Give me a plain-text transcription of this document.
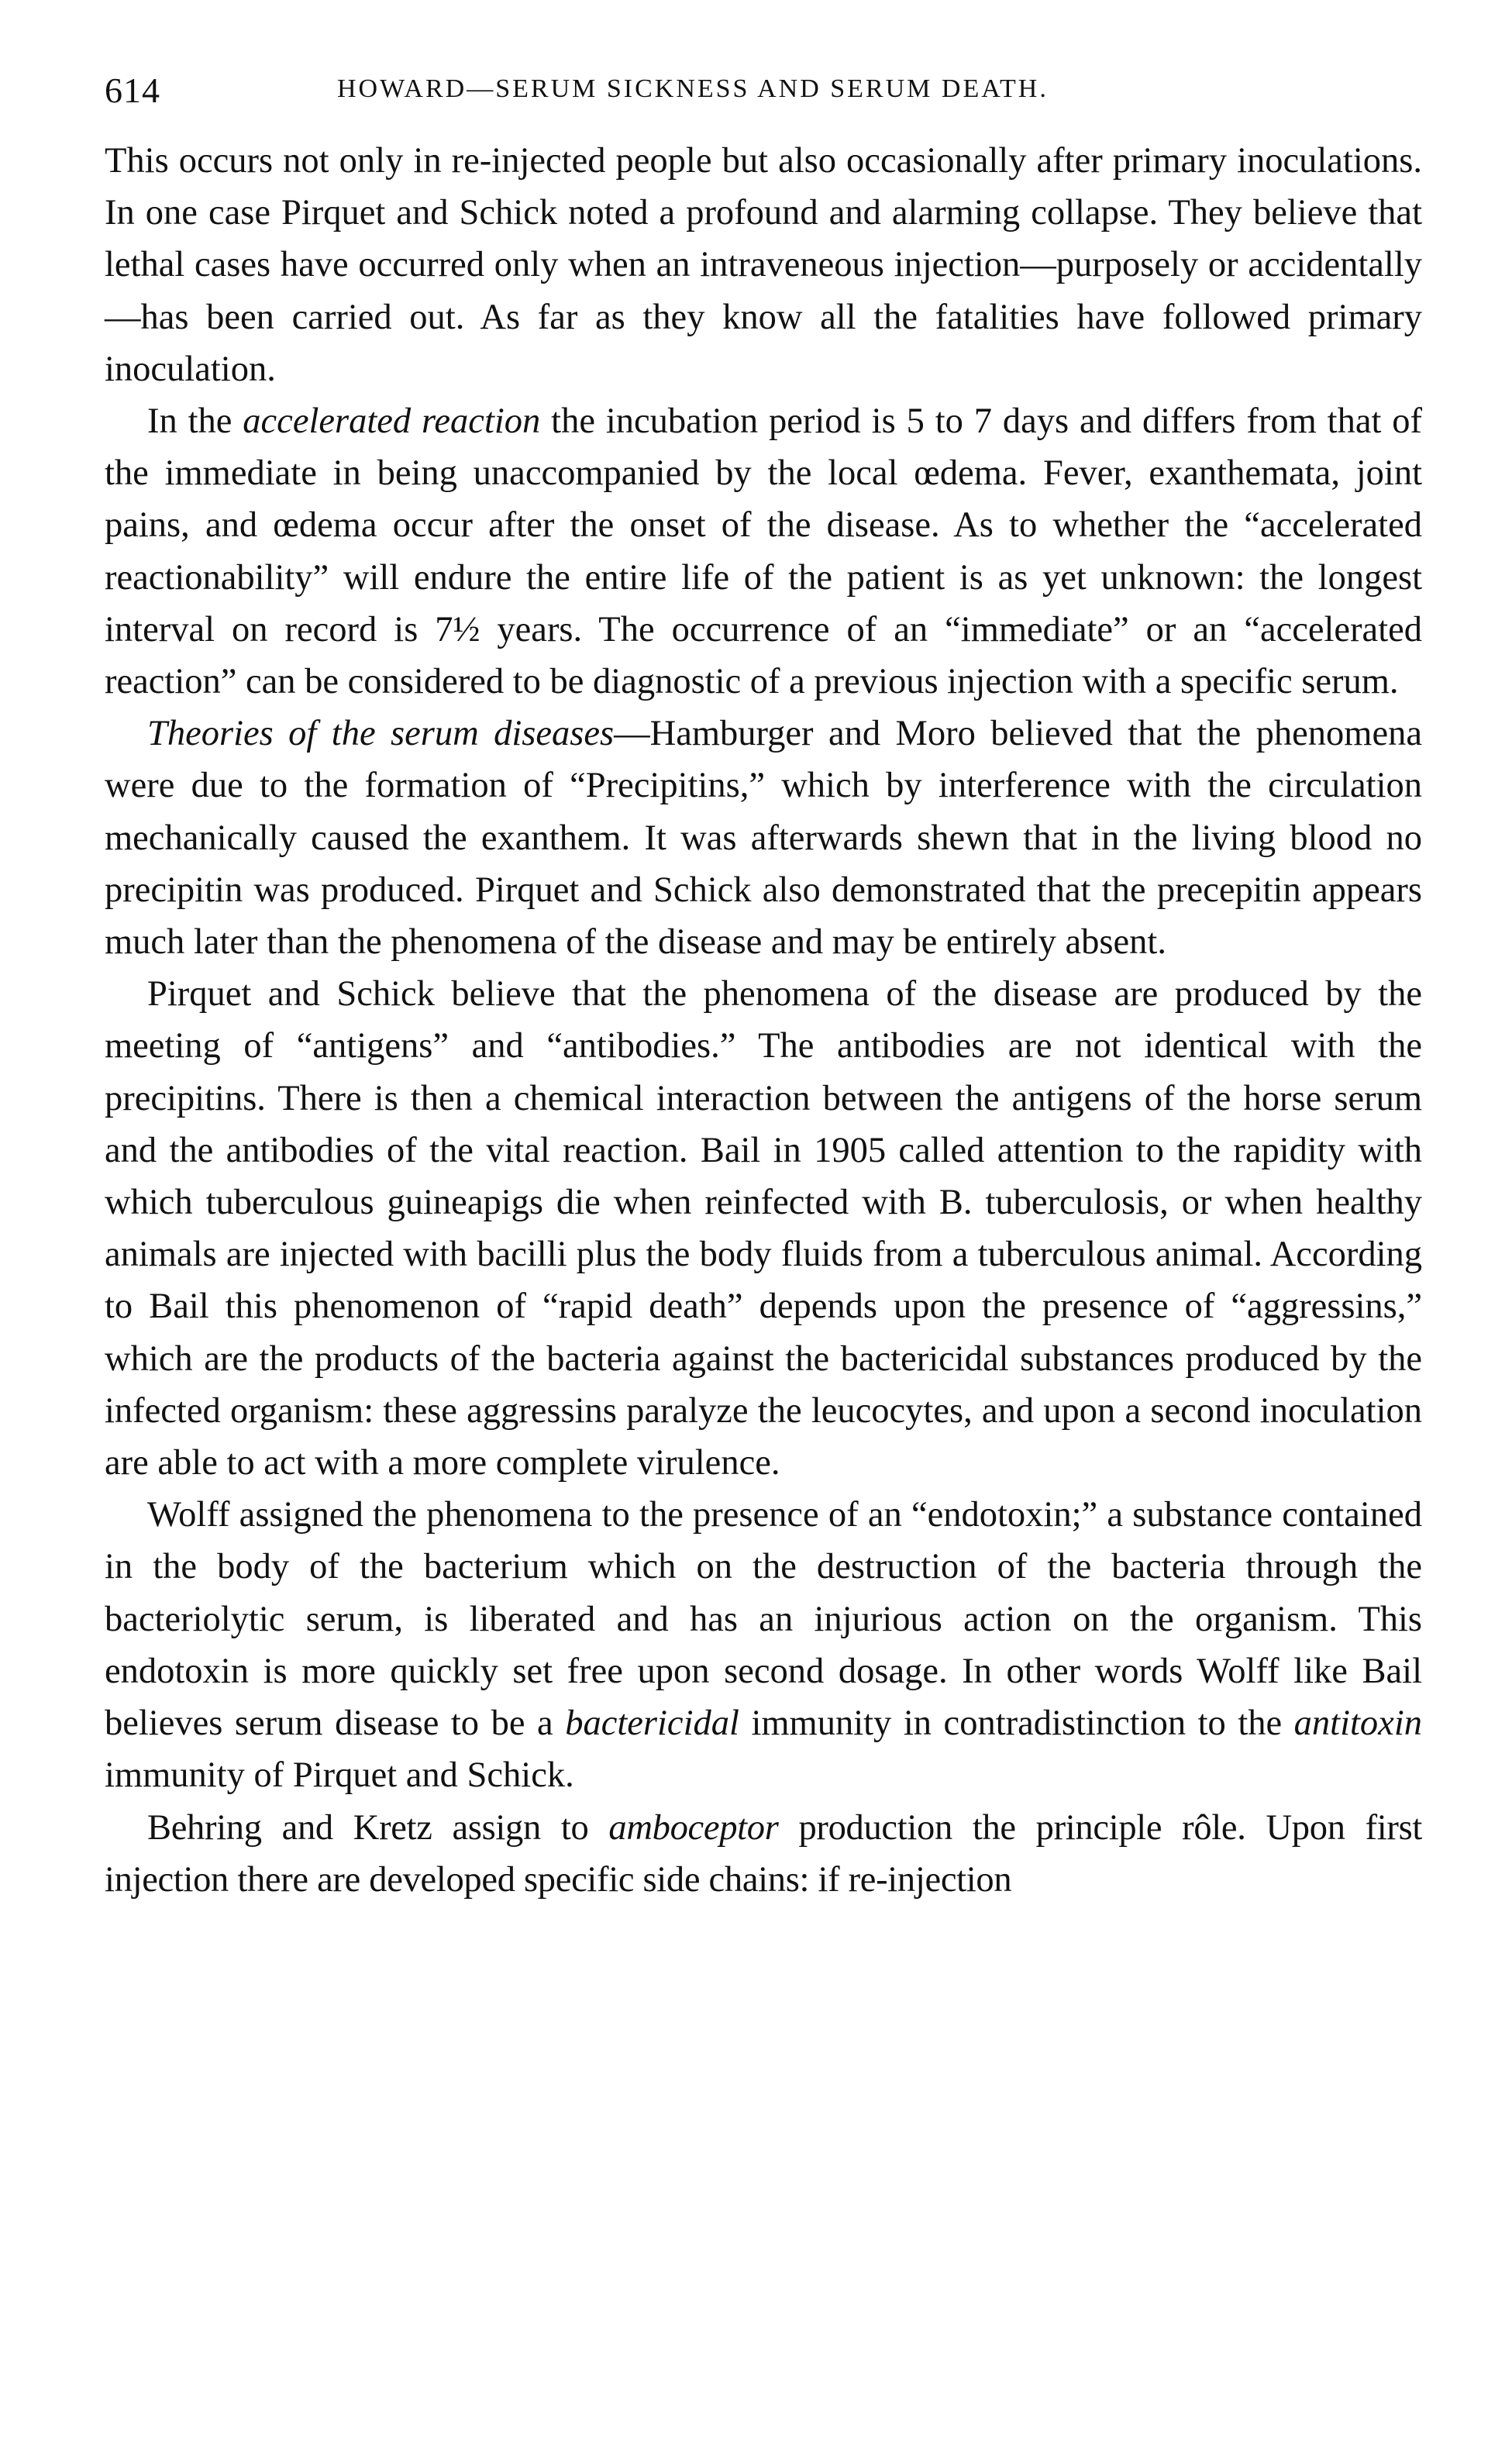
614	HOWARD—SERUM SICKNESS AND SERUM DEATH.

This occurs not only in re-injected people but also occasionally after primary inoculations. In one case Pirquet and Schick noted a profound and alarming collapse. They believe that lethal cases have occurred only when an intraveneous injection—purposely or accidentally—has been carried out. As far as they know all the fatalities have followed primary inoculation.

In the accelerated reaction the incubation period is 5 to 7 days and differs from that of the immediate in being unaccompanied by the local œdema. Fever, exanthemata, joint pains, and œdema occur after the onset of the disease. As to whether the “accelerated reactionability” will endure the entire life of the patient is as yet unknown: the longest interval on record is 7½ years. The occurrence of an “immediate” or an “accelerated reaction” can be considered to be diagnostic of a previous injection with a specific serum.

Theories of the serum diseases—Hamburger and Moro believed that the phenomena were due to the formation of “Precipitins,” which by interference with the circulation mechanically caused the exanthem. It was afterwards shewn that in the living blood no precipitin was produced. Pirquet and Schick also demonstrated that the precepitin appears much later than the phenomena of the disease and may be entirely absent.

Pirquet and Schick believe that the phenomena of the disease are produced by the meeting of “antigens” and “antibodies.” The antibodies are not identical with the precipitins. There is then a chemical interaction between the antigens of the horse serum and the antibodies of the vital reaction. Bail in 1905 called attention to the rapidity with which tuberculous guineapigs die when reinfected with B. tuberculosis, or when healthy animals are injected with bacilli plus the body fluids from a tuberculous animal. According to Bail this phenomenon of “rapid death” depends upon the presence of “aggressins,” which are the products of the bacteria against the bactericidal substances produced by the infected organism: these aggressins paralyze the leucocytes, and upon a second inoculation are able to act with a more complete virulence.

Wolff assigned the phenomena to the presence of an “endotoxin;” a substance contained in the body of the bacterium which on the destruction of the bacteria through the bacteriolytic serum, is liberated and has an injurious action on the organism. This endotoxin is more quickly set free upon second dosage. In other words Wolff like Bail believes serum disease to be a bactericidal immunity in contradistinction to the antitoxin immunity of Pirquet and Schick.

Behring and Kretz assign to amboceptor production the principle rôle. Upon first injection there are developed specific side chains: if re-injection
